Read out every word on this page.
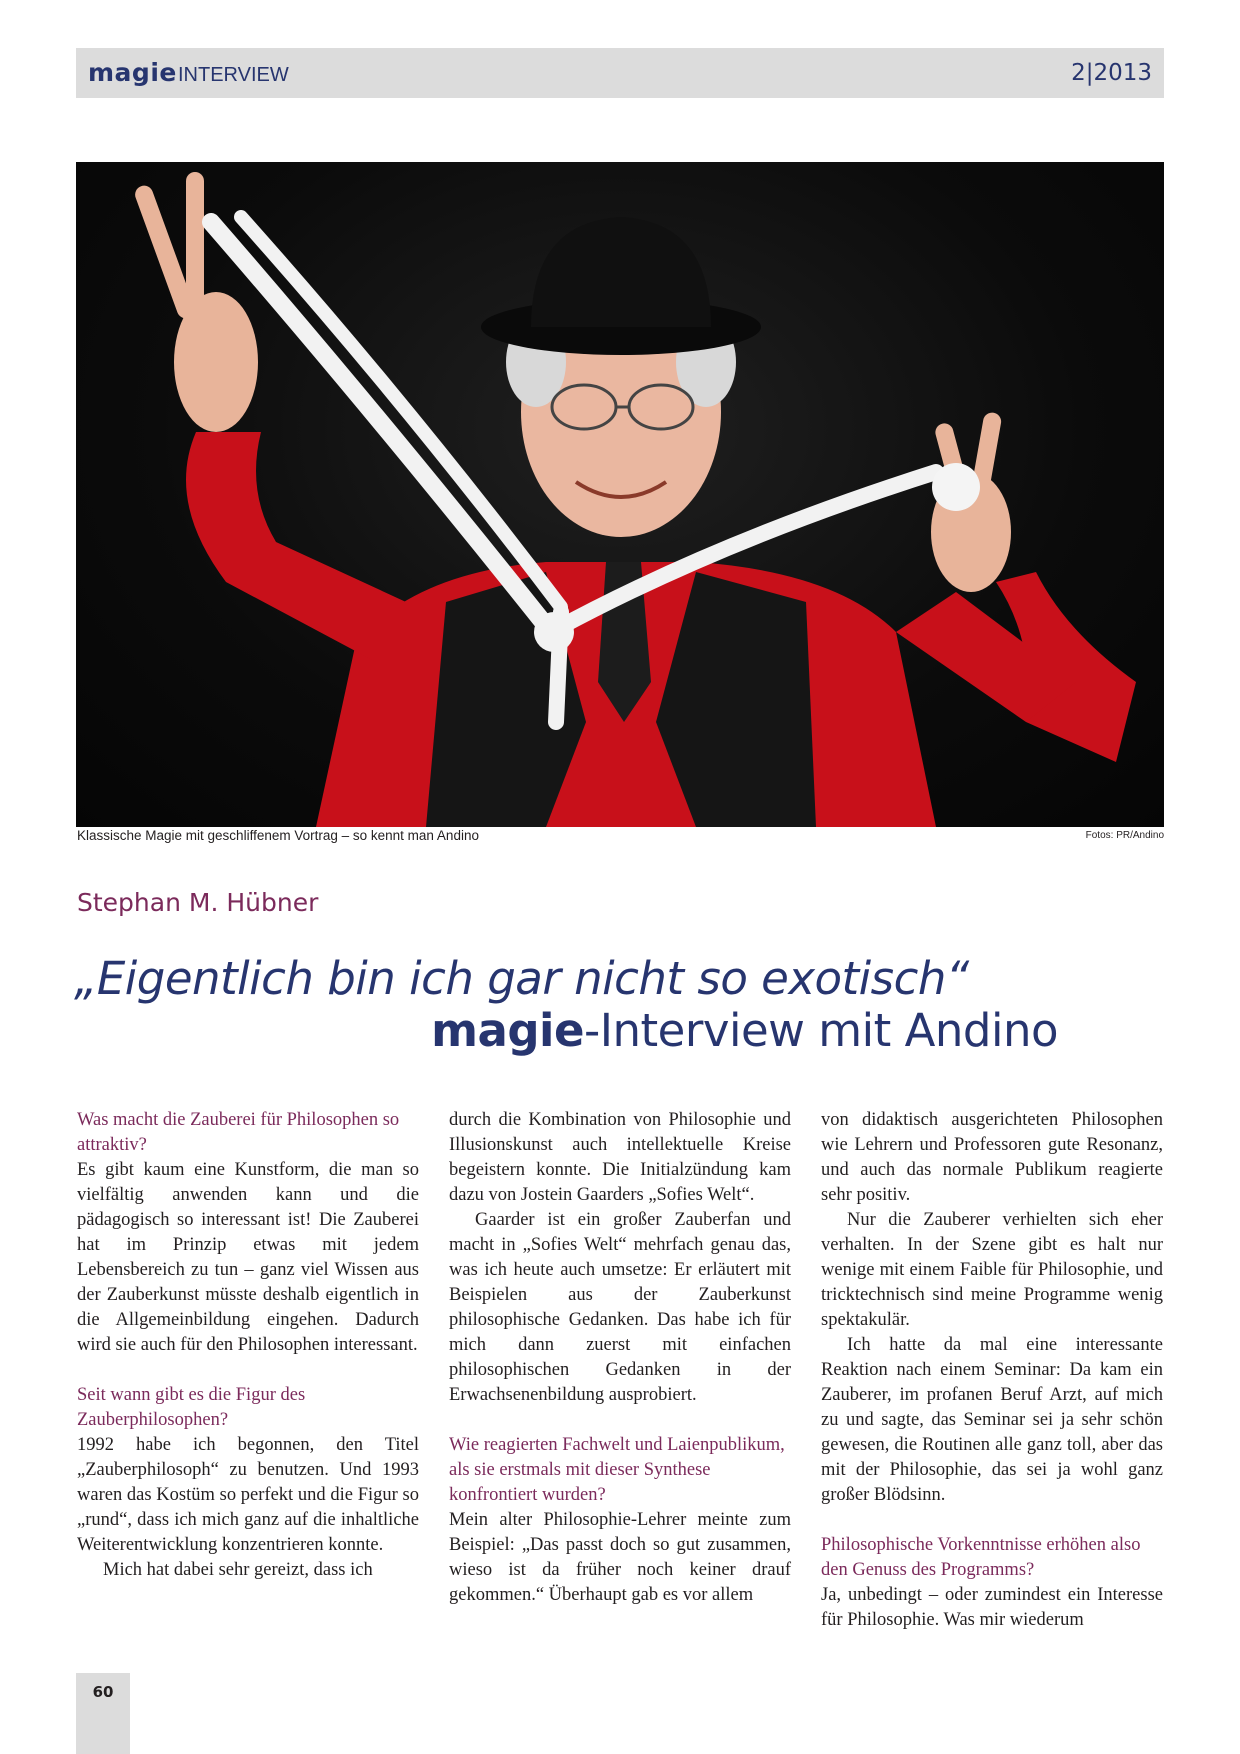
magie INTERVIEW	2|2013
Klassische Magie mit geschliffenem Vortrag – so kennt man Andino	Fotos: PR/Andino
Stephan M. Hübner
„Eigentlich bin ich gar nicht so exotisch“
magie-Interview mit Andino

Was macht die Zauberei für Philosophen so attraktiv?

Es gibt kaum eine Kunstform, die man so vielfältig anwenden kann und die pädagogisch so interessant ist! Die Zauberei hat im Prinzip etwas mit jedem Lebensbereich zu tun – ganz viel Wissen aus der Zauberkunst müsste deshalb eigentlich in die Allgemeinbildung eingehen. Dadurch wird sie auch für den Philosophen interessant.

Seit wann gibt es die Figur des Zauberphilosophen?

1992 habe ich begonnen, den Titel „Zauberphilosoph“ zu benutzen. Und 1993 waren das Kostüm so perfekt und die Figur so „rund“, dass ich mich ganz auf die inhaltliche Weiterentwicklung konzentrieren konnte.

Mich hat dabei sehr gereizt, dass ich

durch die Kombination von Philosophie und Illusionskunst auch intellektuelle Kreise begeistern konnte. Die Initialzündung kam dazu von Jostein Gaarders „Sofies Welt“.

Gaarder ist ein großer Zauberfan und macht in „Sofies Welt“ mehrfach genau das, was ich heute auch umsetze: Er erläutert mit Beispielen aus der Zauberkunst philosophische Gedanken. Das habe ich für mich dann zuerst mit einfachen philosophischen Gedanken in der Erwachsenenbildung ausprobiert.

Wie reagierten Fachwelt und Laienpublikum, als sie erstmals mit dieser Synthese konfrontiert wurden?

Mein alter Philosophie-Lehrer meinte zum Beispiel: „Das passt doch so gut zusammen, wieso ist da früher noch keiner drauf gekommen.“ Überhaupt gab es vor allem

von didaktisch ausgerichteten Philosophen wie Lehrern und Professoren gute Resonanz, und auch das normale Publikum reagierte sehr positiv.

Nur die Zauberer verhielten sich eher verhalten. In der Szene gibt es halt nur wenige mit einem Faible für Philosophie, und tricktechnisch sind meine Programme wenig spektakulär.

Ich hatte da mal eine interessante Reaktion nach einem Seminar: Da kam ein Zauberer, im profanen Beruf Arzt, auf mich zu und sagte, das Seminar sei ja sehr schön gewesen, die Routinen alle ganz toll, aber das mit der Philosophie, das sei ja wohl ganz großer Blödsinn.

Philosophische Vorkenntnisse erhöhen also den Genuss des Programms?

Ja, unbedingt – oder zumindest ein Interesse für Philosophie. Was mir wiederum

60
